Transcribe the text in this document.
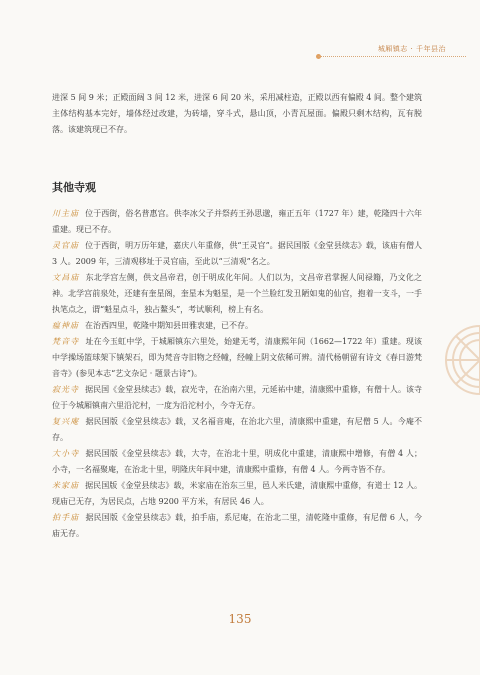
城厢镇志 · 千年县治

进深 5 间 9 米；正殿面阔 3 间 12 米，进深 6 间 20 米，采用减柱造，正殿以西有偏殿 4 间。整个建筑主体结构基本完好，墙体经过改建，为砖墙，穿斗式，悬山顶，小青瓦屋面。偏殿只剩木结构，瓦有脱落。该建筑现已不存。

其他寺观

川主庙 位于西街，俗名普惠宫。供李冰父子并祭药王孙思邈，雍正五年（1727 年）建，乾隆四十六年重建。现已不存。

灵官庙 位于西街，明万历年建，嘉庆八年重修，供“王灵官”。据民国版《金堂县续志》载，该庙有僧人 3 人。2009 年，三清观移址于灵官庙，至此以“三清观”名之。

文昌庙 东北学宫左侧，供文昌帝君，创于明成化年间。人们以为，文昌帝君掌握人间禄籍，乃文化之神。北学宫前泉处，还建有奎星阁，奎星本为魁星，是一个兰脸红发丑陋如鬼的仙官，抱着一支斗，一手执笔点之，谓“魁星点斗，独占鳌头”，考试顺利，榜上有名。

瘟神庙 在治西四里，乾隆中期知县田雅衷建，已不存。

梵音寺 址在今玉虹中学，于城厢镇东六里处，始建无考，清康熙年间（1662—1722 年）重建。现该中学操场篮球架下镇架石，即为梵音寺旧物之经幢，经幢上阴文依稀可辨。清代杨朝留有诗文《春日游梵音寺》(参见本志“艺文杂记 · 题景古诗”)。

寂光寺 据民国《金堂县续志》载，寂光寺，在治南六里，元延祐中建，清康熙中重修，有僧十人。该寺位于今城厢镇南六里沿沱村，一度为沿沱村小，今寺无存。

复兴庵 据民国版《金堂县续志》载，又名福音庵，在治北六里，清康熙中重建，有尼僧 5 人。今庵不存。

大小寺 据民国版《金堂县续志》载，大寺，在治北十里，明成化中重建，清康熙中增修，有僧 4 人；小寺，一名福聚庵，在治北十里，明隆庆年间中建，清康熙中重修，有僧 4 人。今两寺皆不存。

米家庙 据民国版《金堂县续志》载，米家庙在治东三里，邑人米氏建，清康熙中重修，有道士 12 人。现庙已无存，为居民点，占地 9200 平方米，有居民 46 人。

拍手庙 据民国版《金堂县续志》载，拍手庙，系尼庵，在治北二里，清乾隆中重修，有尼僧 6 人，今庙无存。

135
